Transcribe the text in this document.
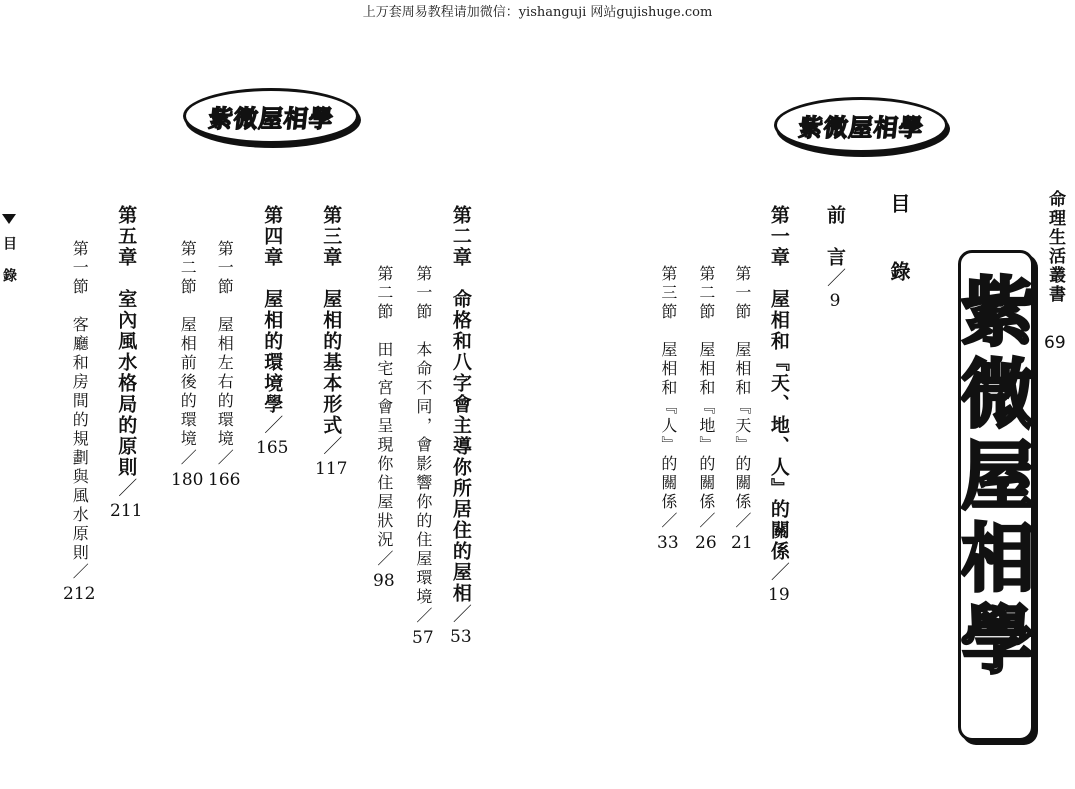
上万套周易教程请加微信：yishanguji 网站gujishuge.com
紫微屋相學
命理生活叢書
69
紫微屋相學	紫微屋相學
目　錄
前　言／9
第一章　屋相和『天、地、人』的關係／19
第一節　屋相和『天』的關係／21
第二節　屋相和『地』的關係／26
第三節　屋相和『人』的關係／33
第二章　命格和八字會主導你所居住的屋相／53
第一節　本命不同，會影響你的住屋環境／57
第二節　田宅宮會呈現你住屋狀況／98
第三章　屋相的基本形式／117
第四章　屋相的環境學／165
第一節　屋相左右的環境／166
第二節　屋相前後的環境／180
第五章　室內風水格局的原則／211
第一節　客廳和房間的規劃與風水原則／212
目錄
